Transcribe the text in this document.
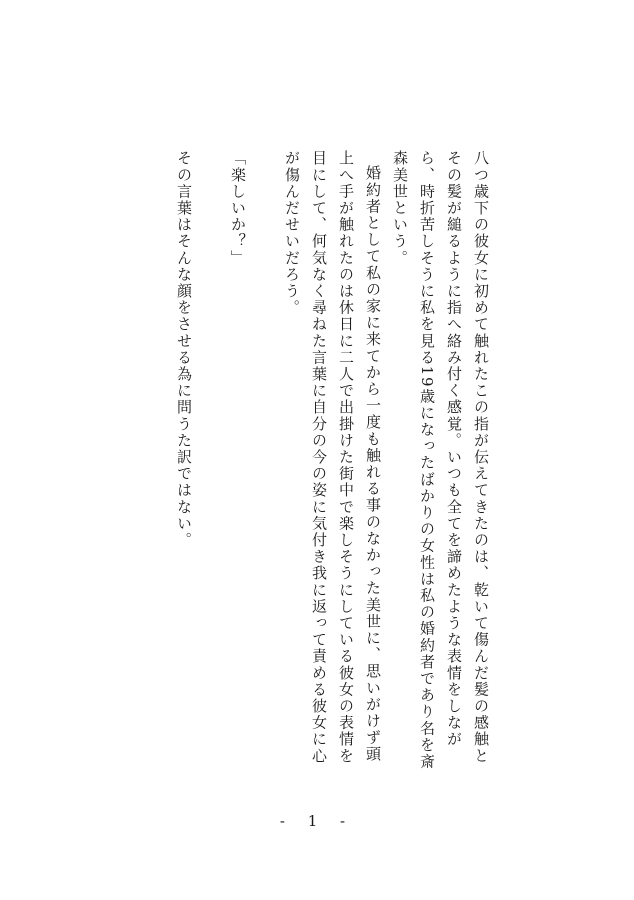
八つ歳下の彼女に初めて触れたこの指が伝えてきたのは、乾いて傷んだ髪の感触とその髪が縋るように指へ絡み付く感覚。いつも全てを諦めたような表情をしながら、時折苦しそうに私を見る19歳になったばかりの女性は私の婚約者であり名を斎森美世という。

婚約者として私の家に来てから一度も触れる事のなかった美世に、思いがけず頭上へ手が触れたのは休日に二人で出掛けた街中で楽しそうにしている彼女の表情を目にして、何気なく尋ねた言葉に自分の今の姿に気付き我に返って責める彼女に心が傷んだせいだろう。

「楽しいか？」

その言葉はそんな顔をさせる為に問うた訳ではない。

- 1 -
